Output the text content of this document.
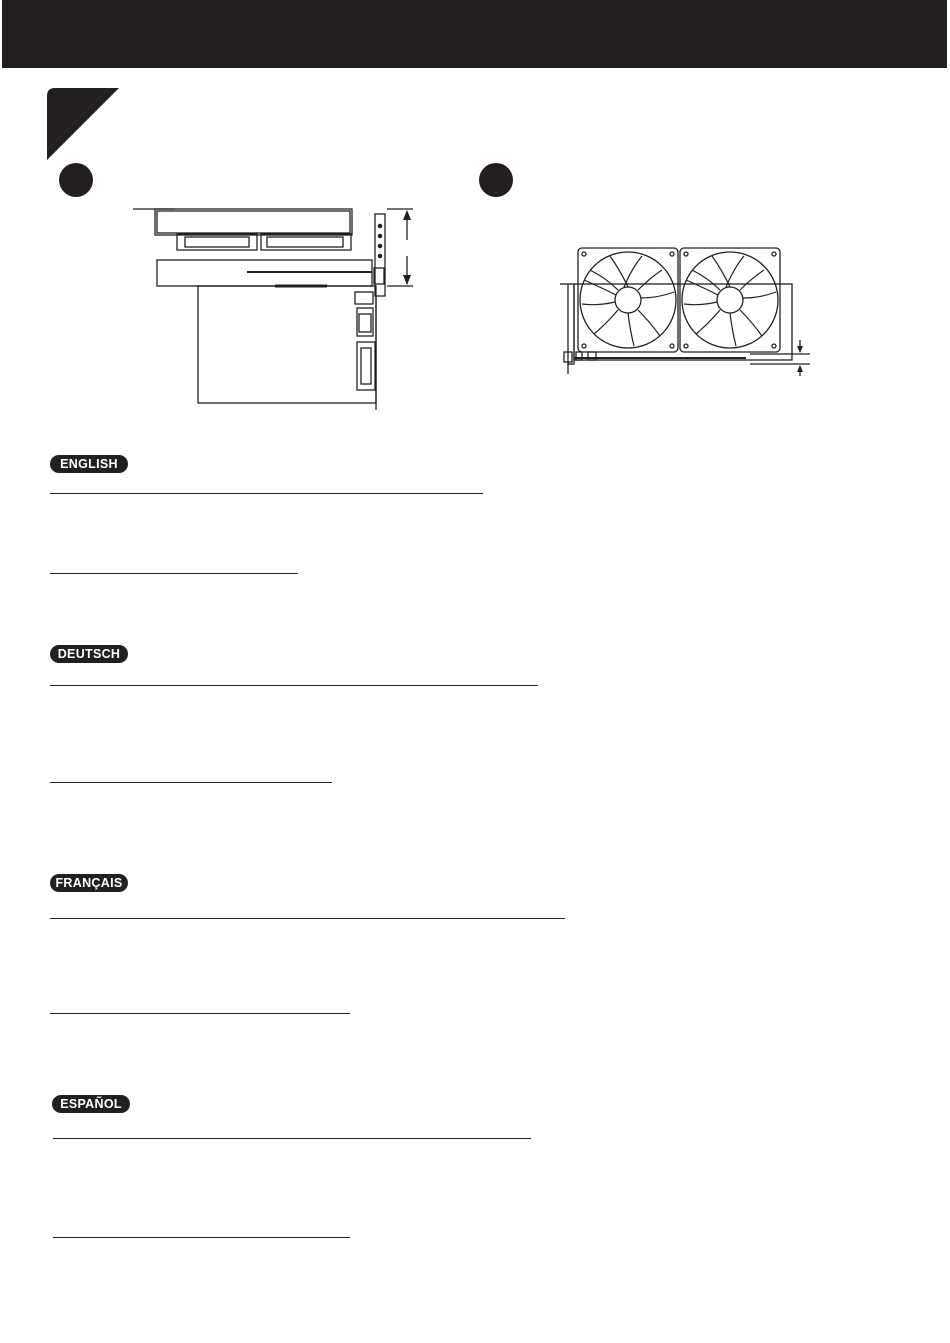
ENGLISH
DEUTSCH
FRANÇAIS
ESPAÑOL
